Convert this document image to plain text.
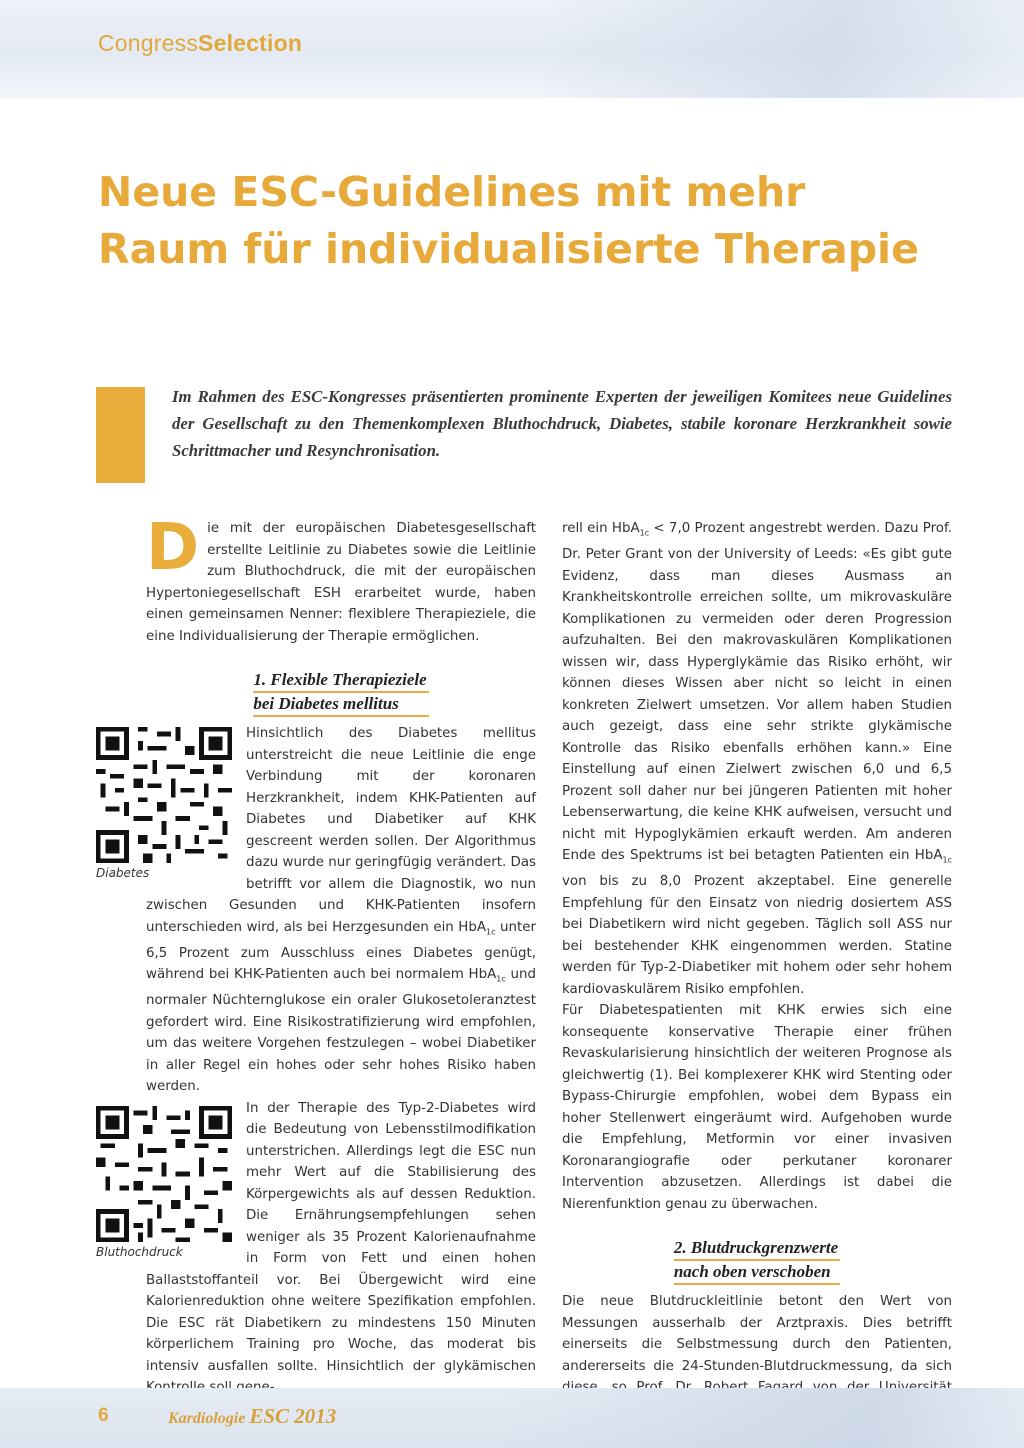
CongressSelection
Neue ESC-Guidelines mit mehr
Raum für individualisierte Therapie

Im Rahmen des ESC-Kongresses präsentierten prominente Experten der jeweiligen Komitees neue Guidelines der Gesellschaft zu den Themenkomplexen Bluthochdruck, Diabetes, stabile koronare Herzkrankheit sowie Schrittmacher und Resynchronisation.

Die mit der europäischen Diabetesgesellschaft erstellte Leitlinie zu Diabetes sowie die Leitlinie zum Bluthochdruck, die mit der europäischen Hypertoniegesellschaft ESH erarbeitet wurde, haben einen gemeinsamen Nenner: flexiblere Therapieziele, die eine Individualisierung der Therapie ermöglichen.

1. Flexible Therapieziele
bei Diabetes mellitus

Diabetes
Hinsichtlich des Diabetes mellitus unterstreicht die neue Leitlinie die enge Verbindung mit der koronaren Herzkrankheit, indem KHK-Patienten auf Diabetes und Diabetiker auf KHK gescreent werden sollen. Der Algorithmus dazu wurde nur geringfügig verändert. Das betrifft vor allem die Diagnostik, wo nun zwischen Gesunden und KHK-Patienten insofern unterschieden wird, als bei Herzgesunden ein HbA$_{1c}$ unter 6,5 Prozent zum Ausschluss eines Diabetes genügt, während bei KHK-Patienten auch bei normalem HbA$_{1c}$ und normaler Nüchternglukose ein oraler Glukosetoleranztest gefordert wird. Eine Risikostratifizierung wird empfohlen, um das weitere Vorgehen festzulegen – wobei Diabetiker in aller Regel ein hohes oder sehr hohes Risiko haben werden.

Bluthochdruck
In der Therapie des Typ-2-Diabetes wird die Bedeutung von Lebensstilmodifikation unterstrichen. Allerdings legt die ESC nun mehr Wert auf die Stabilisierung des Körpergewichts als auf dessen Reduktion. Die Ernährungsempfehlungen sehen weniger als 35 Prozent Kalorienaufnahme in Form von Fett und einen hohen Ballaststoffanteil vor. Bei Übergewicht wird eine Kalorienreduktion ohne weitere Spezifikation empfohlen. Die ESC rät Diabetikern zu mindestens 150 Minuten körperlichem Training pro Woche, das moderat bis intensiv ausfallen sollte. Hinsichtlich der glykämischen

rell ein HbA$_{1c}$ < 7,0 Prozent angestrebt werden. Dazu Prof. Dr. Peter Grant von der University of Leeds: «Es gibt gute Evidenz, dass man dieses Ausmass an Krankheitskontrolle erreichen sollte, um mikrovaskuläre Komplikationen zu vermeiden oder deren Progression aufzuhalten. Bei den makrovaskulären Komplikationen wissen wir, dass Hyperglykämie das Risiko erhöht, wir können dieses Wissen aber nicht so leicht in einen konkreten Zielwert umsetzen. Vor allem haben Studien auch gezeigt, dass eine sehr strikte glykämische Kontrolle das Risiko ebenfalls erhöhen kann.» Eine Einstellung auf einen Zielwert zwischen 6,0 und 6,5 Prozent soll daher nur bei jüngeren Patienten mit hoher Lebenserwartung, die keine KHK aufweisen, versucht und nicht mit Hypoglykämien erkauft werden. Am anderen Ende des Spektrums ist bei betagten Patienten ein HbA$_{1c}$ von bis zu 8,0 Prozent akzeptabel. Eine generelle Empfehlung für den Einsatz von niedrig dosiertem ASS bei Diabetikern wird nicht gegeben. Täglich soll ASS nur bei bestehender KHK eingenommen werden. Statine werden für Typ-2-Diabetiker mit hohem oder sehr hohem kardiovaskulärem Risiko empfohlen.

Für Diabetespatienten mit KHK erwies sich eine konsequente konservative Therapie einer frühen Revaskularisierung hinsichtlich der weiteren Prognose als gleichwertig (1). Bei komplexerer KHK wird Stenting oder Bypass-Chirurgie empfohlen, wobei dem Bypass ein hoher Stellenwert eingeräumt wird. Aufgehoben wurde die Empfehlung, Metformin vor einer invasiven Koronarangiografie oder perkutaner koronarer Intervention abzusetzen. Allerdings ist dabei die Nierenfunktion genau zu überwachen.

2. Blutdruckgrenzwerte
nach oben verschoben

Die neue Blutdruckleitlinie betont den Wert von Messungen ausserhalb der Arztpraxis. Dies betrifft einerseits die Selbstmessung durch den Patienten, andererseits die 24-Stunden-Blutdruckmessung, da sich

6	Kardiologie ESC 2013
